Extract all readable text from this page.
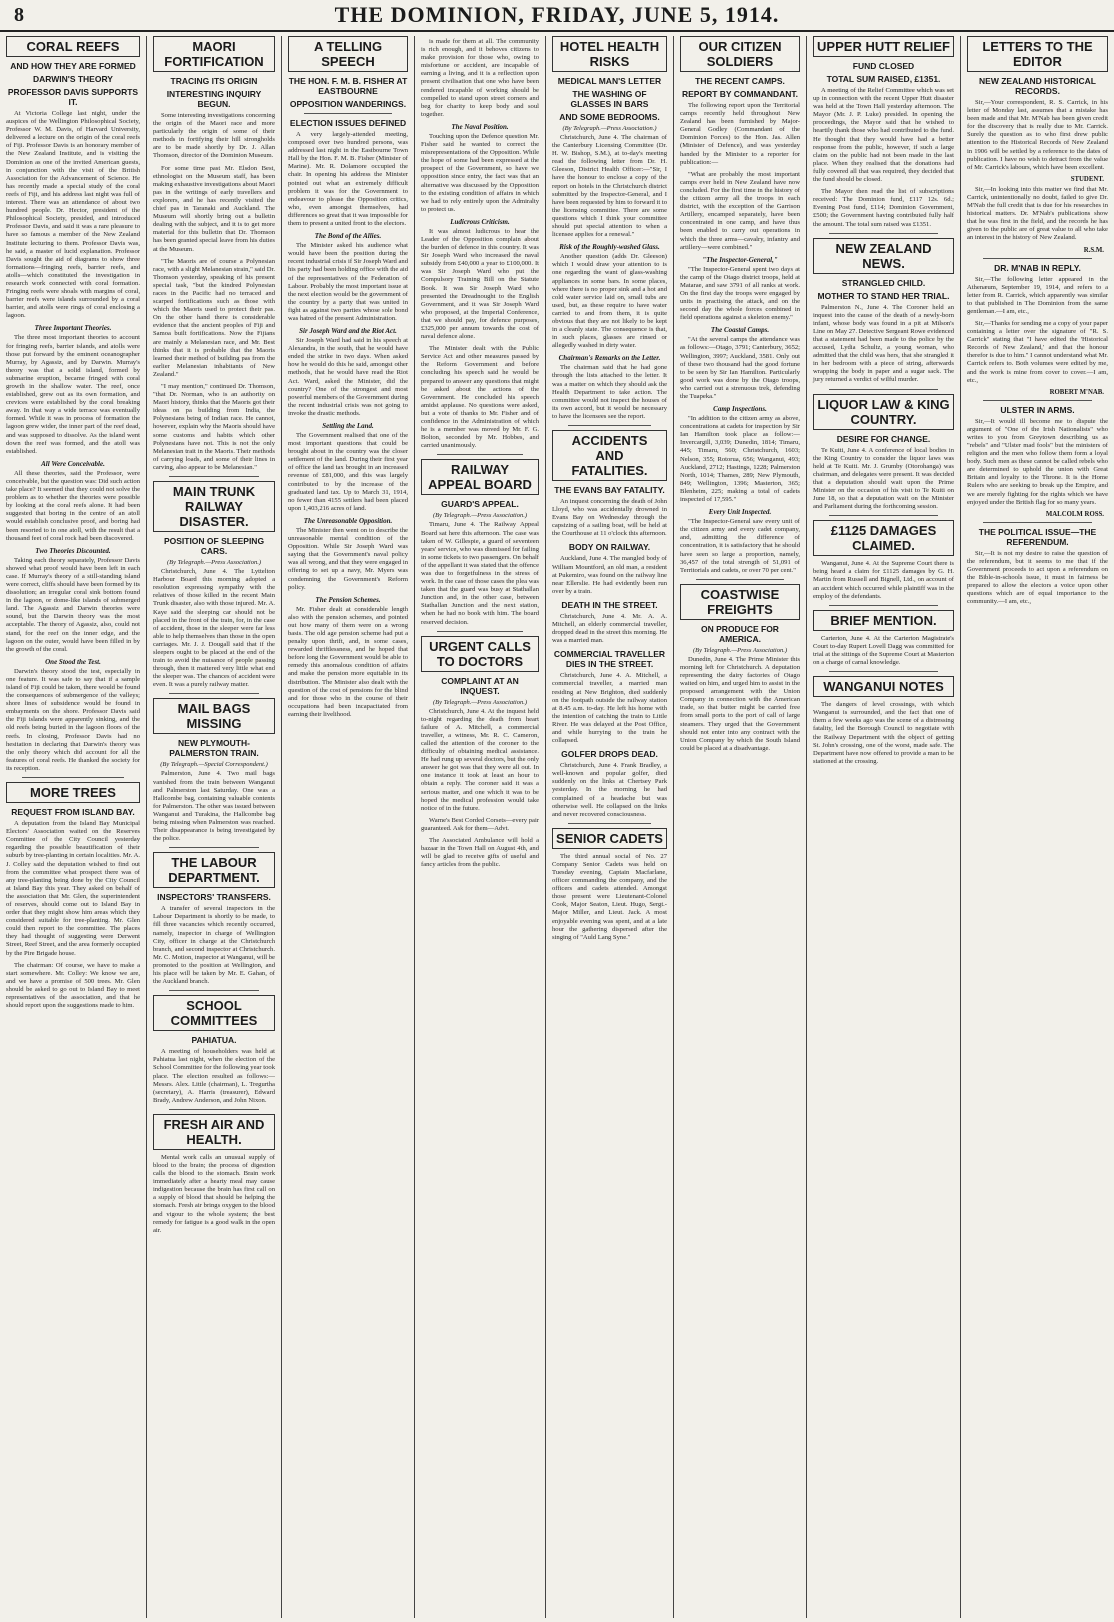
8	THE DOMINION, FRIDAY, JUNE 5, 1914.
CORAL REEFS
AND HOW THEY ARE FORMED
DARWIN'S THEORY
PROFESSOR DAVIS SUPPORTS IT.
At Victoria College last night, under the auspices of the Wellington Philosophical Society, Professor W. M. Davis, of Harvard University, delivered a lecture on the origin of the coral reefs of Fiji. Professor Davis is an honorary member of the New Zealand Institute, and is visiting the Dominion as one of the invited American guests, in conjunction with the visit of the British Association for the Advancement of Science. He has recently made a special study of the coral reefs of Fiji, and his address last night was full of interest. There was an attendance of about two hundred people. Dr. Hector, president of the Philosophical Society, presided, and introduced Professor Davis, and said it was a rare pleasure to have so famous a member of the New Zealand Institute lecturing to them. Professor Davis was, he said, a master of lucid explanation. Professor Davis sought the aid of diagrams to show three formations—fringing reefs, barrier reefs, and atolls—which constituted the investigation in research work connected with coral formation. Fringing reefs were shoals with margins of coral, barrier reefs were islands surrounded by a coral barrier, and atolls were rings of coral enclosing a lagoon.
Three Important Theories.
The three most important theories to account for fringing reefs, barrier islands, and atolls were those put forward by the eminent oceanographer Murray, by Agassiz, and by Darwin. Murray's theory was that a solid island, formed by submarine eruption, became fringed with coral growth in the shallow water. The reef, once established, grew out as its own formation, and crevices were established by the coral breaking away. In that way a wide terrace was eventually formed. While it was in process of formation the lagoon grew wider, the inner part of the reef dead, and was supposed to dissolve. As the island went down the reef was formed, and the atoll was established.
All Were Conceivable.
All these theories, said the Professor, were conceivable, but the question was: Did such action take place? It seemed that they could not solve the problem as to whether the theories were possible by looking at the coral reefs alone. It had been suggested that boring in the centre of an atoll would establish conclusive proof, and boring had been resorted to in one atoll, with the result that a thousand feet of coral rock had been discovered.
Two Theories Discounted.
Taking each theory separately, Professor Davis showed what proof would have been left in each case. If Murray's theory of a still-standing island were correct, cliffs should have been formed by its dissolution; an irregular coral sink bottom found in the lagoon, or dome-like islands of submerged land. The Agassiz and Darwin theories were sound, but the Darwin theory was the most acceptable. The theory of Agassiz, also, could not stand, for the reef on the inner edge, and the lagoon on the outer, would have been filled in by the growth of the coral.
One Stood the Test.
Darwin's theory stood the test, especially in one feature. It was safe to say that if a sample island of Fiji could be taken, there would be found the consequences of submergence of the valleys; shore lines of subsidence would be found in embayments on the shore. Professor Davis said the Fiji islands were apparently sinking, and the old reefs being buried in the lagoon floors of the reefs. In closing, Professor Davis had no hesitation in declaring that Darwin's theory was the only theory which did account for all the features of coral reefs. He thanked the society for its reception.
MORE TREES
REQUEST FROM ISLAND BAY.
A deputation from the Island Bay Municipal Electors' Association waited on the Reserves Committee of the City Council yesterday regarding the possible beautification of their suburb by tree-planting in certain localities. Mr. A. J. Colley said the deputation wished to find out from the committee what prospect there was of any tree-planting being done by the City Council at Island Bay this year. They asked on behalf of the association that Mr. Glen, the superintendent of reserves, should come out to Island Bay in order that they might show him areas which they considered suitable for tree-planting. Mr. Glen could then report to the committee. The places they had thought of suggesting were Derwent Street, Reef Street, and the area formerly occupied by the Pire Brigade house.
The chairman: Of course, we have to make a start somewhere. Mr. Colley: We know we are, and we have a promise of 500 trees. Mr. Glen should be asked to go out to Island Bay to meet representatives of the association, and that he should report upon the suggestions made to him.
MAORI FORTIFICATION
TRACING ITS ORIGIN
INTERESTING INQUIRY BEGUN.
Some interesting investigations concerning the origin of the Maori race and more particularly the origin of some of their methods in fortifying their hill strongholds are to be made shortly by Dr. J. Allan Thomson, director of the Dominion Museum.
For some time past Mr. Elsdon Best, ethnologist on the Museum staff, has been making exhaustive investigations about Maori pas in the writings of early travellers and explorers, and he has recently visited the chief pas in Taranaki and Auckland. The Museum will shortly bring out a bulletin dealing with the subject, and it is to get more material for this bulletin that Dr. Thomson has been granted special leave from his duties at the Museum.
"The Maoris are of course a Polynesian race, with a slight Melanesian strain," said Dr. Thomson yesterday, speaking of his present special task, "but the kindred Polynesian races in the Pacific had no terraced and scarped fortifications such as those with which the Maoris used to protect their pas. On the other hand there is considerable evidence that the ancient peoples of Fiji and Samoa built fortifications. Now the Fijians are mainly a Melanesian race, and Mr. Best thinks that it is probable that the Maoris learned their method of building pas from the earlier Melanesian inhabitants of New Zealand."
"I may mention," continued Dr. Thomson, "that Dr. Norman, who is an authority on Maori history, thinks that the Maoris got their ideas on pa building from India, the Polynesians being of Indian race. He cannot, however, explain why the Maoris should have some customs and habits which other Polynesians have not. This is not the only Melanesian trait in the Maoris. Their methods of carrying loads, and some of their lines in carving, also appear to be Melanesian."
MAIN TRUNK RAILWAY DISASTER.
POSITION OF SLEEPING CARS.
(By Telegraph.—Press Association.)
Christchurch, June 4. The Lyttelton Harbour Board this morning adopted a resolution expressing sympathy with the relatives of those killed in the recent Main Trunk disaster, also with those injured. Mr. A. Kaye said the sleeping car should not be placed in the front of the train, for, in the case of accident, those in the sleeper were far less able to help themselves than those in the open carriages. Mr. J. J. Dougall said that if the sleepers ought to be placed at the end of the train to avoid the nuisance of people passing through, then it mattered very little what end the sleeper was. The chances of accident were even. It was a purely railway matter.
MAIL BAGS MISSING
NEW PLYMOUTH-PALMERSTON TRAIN.
(By Telegraph.—Special Correspondent.)
Palmerston, June 4. Two mail bags vanished from the train between Wanganui and Palmerston last Saturday. One was a Hallcombe bag, containing valuable contents for Palmerston. The other was issued between Wanganui and Turakina, the Hallcombe bag being missing when Palmerston was reached. Their disappearance is being investigated by the police.
THE LABOUR DEPARTMENT.
INSPECTORS' TRANSFERS.
A transfer of several inspectors in the Labour Department is shortly to be made, to fill three vacancies which recently occurred, namely, inspector in charge of Wellington City, officer in charge at the Christchurch branch, and second inspector at Christchurch. Mr. C. Motion, inspector at Wanganui, will be promoted to the position at Wellington, and his place will be taken by Mr. E. Gahan, of the Auckland branch.
SCHOOL COMMITTEES
PAHIATUA.
A meeting of householders was held at Pahiatua last night, when the election of the School Committee for the following year took place. The election resulted as follows:—Messrs. Alex. Little (chairman), L. Tregurtha (secretary), A. Harris (treasurer), Edward Brady, Andrew Anderson, and John Nixon.
FRESH AIR AND HEALTH.
Mental work calls an unusual supply of blood to the brain; the process of digestion calls the blood to the stomach. Brain work immediately after a hearty meal may cause indigestion because the brain has first call on a supply of blood that should be helping the stomach. Fresh air brings oxygen to the blood and vigour to the whole system; the best remedy for fatigue is a good walk in the open air.
A TELLING SPEECH
THE HON. F. M. B. FISHER AT EASTBOURNE
OPPOSITION WANDERINGS.
ELECTION ISSUES DEFINED
A very largely-attended meeting, composed over two hundred persons, was addressed last night in the Eastbourne Town Hall by the Hon. F. M. B. Fisher (Minister of Marine). Mr. R. Dolamore occupied the chair. In opening his address the Minister pointed out what an extremely difficult problem it was for the Government to endeavour to please the Opposition critics, who, even amongst themselves, had differences so great that it was impossible for them to present a united front to the electors.
The Bond of the Allies.
The Minister asked his audience what would have been the position during the recent industrial crisis if Sir Joseph Ward and his party had been holding office with the aid of the representatives of the Federation of Labour. Probably the most important issue at the next election would be the government of the country by a party that was united in fight as against two parties whose sole bond was hatred of the present Administration.
Sir Joseph Ward and the Riot Act.
Sir Joseph Ward had said in his speech at Alexandra, in the south, that he would have ended the strike in two days. When asked how he would do this he said, amongst other methods, that he would have read the Riot Act. Ward, asked the Minister, did the country? One of the strongest and most powerful members of the Government during the recent industrial crisis was not going to invoke the drastic methods.
Settling the Land.
The Government realised that one of the most important questions that could be brought about in the country was the closer settlement of the land. During their first year of office the land tax brought in an increased revenue of £81,000, and this was largely contributed to by the increase of the graduated land tax. Up to March 31, 1914, no fewer than 4155 settlers had been placed upon 1,403,216 acres of land.
The Unreasonable Opposition.
The Minister then went on to describe the unreasonable mental condition of the Opposition. While Sir Joseph Ward was saying that the Government's naval policy was all wrong, and that they were engaged in offering to set up a navy, Mr. Myers was condemning the Government's Reform policy.
The Pension Schemes.
Mr. Fisher dealt at considerable length also with the pension schemes, and pointed out how many of them were on a wrong basis. The old age pension scheme had put a penalty upon thrift, and, in some cases, rewarded thriftlessness, and he hoped that before long the Government would be able to remedy this anomalous condition of affairs and make the pension more equitable in its distribution. The Minister also dealt with the question of the cost of pensions for the blind and for those who in the course of their occupations had been incapacitated from earning their livelihood.
is made for them at all. The community is rich enough, and it behoves citizens to make provision for those who, owing to misfortune or accident, are incapable of earning a living, and it is a reflection upon present civilisation that one who have been rendered incapable of working should be compelled to stand upon street corners and beg for charity to keep body and soul together.
The Naval Position.
Touching upon the Defence question Mr. Fisher said he wanted to correct the misrepresentations of the Opposition. While the hope of some had been expressed at the prospect of the Government, so have we opposition since entry, the fact was that an alternative was discussed by the Opposition to the existing condition of affairs in which we had to rely entirely upon the Admiralty to protect us.
Ludicrous Criticism.
It was almost ludicrous to hear the Leader of the Opposition complain about the burden of defence in this country. It was Sir Joseph Ward who increased the naval subsidy from £40,000 a year to £100,000. It was Sir Joseph Ward who put the Compulsory Training Bill on the Statute Book. It was Sir Joseph Ward who presented the Dreadnought to the English Government, and it was Sir Joseph Ward who proposed, at the Imperial Conference, that we should pay, for defence purposes, £325,000 per annum towards the cost of naval defence alone.
The Minister dealt with the Public Service Act and other measures passed by the Reform Government and before concluding his speech said he would be prepared to answer any questions that might be asked about the actions of the Government. He concluded his speech amidst applause. No questions were asked, but a vote of thanks to Mr. Fisher and of confidence in the Administration of which he is a member was moved by Mr. F. G. Bolton, seconded by Mr. Hobbes, and carried unanimously.
RAILWAY APPEAL BOARD
GUARD'S APPEAL.
(By Telegraph.—Press Association.)
Timaru, June 4. The Railway Appeal Board sat here this afternoon. The case was taken of W. Gillespie, a guard of seventeen years' service, who was dismissed for failing in some tickets to two passengers. On behalf of the appellant it was stated that the offence was due to forgetfulness in the stress of work. In the case of those cases the plea was taken that the guard was busy at Stathallan Junction and, in the other case, between Stathallan Junction and the next station, when he had no book with him. The board reserved decision.
URGENT CALLS TO DOCTORS
COMPLAINT AT AN INQUEST.
(By Telegraph.—Press Association.)
Christchurch, June 4. At the inquest held to-night regarding the death from heart failure of A. Mitchell, a commercial traveller, a witness, Mr. R. C. Cameron, called the attention of the coroner to the difficulty of obtaining medical assistance. He had rung up several doctors, but the only answer he got was that they were all out. In one instance it took at least an hour to obtain a reply. The coroner said it was a serious matter, and one which it was to be hoped the medical profession would take notice of in the future.
Warne's Best Corded Corsets—every pair guaranteed. Ask for them—Advt.
The Associated Ambulance will hold a bazaar in the Town Hall on August 4th, and will be glad to receive gifts of useful and fancy articles from the public.
HOTEL HEALTH RISKS
MEDICAL MAN'S LETTER
THE WASHING OF GLASSES IN BARS
AND SOME BEDROOMS.
(By Telegraph.—Press Association.)
Christchurch, June 4. The chairman of the Canterbury Licensing Committee (Dr. H. W. Bishop, S.M.), at to-day's meeting read the following letter from Dr. H. Gleeson, District Health Officer:—"Sir, I have the honour to enclose a copy of the report on hotels in the Christchurch district submitted by the Inspector-General, and I have been requested by him to forward it to the licensing committee. There are some questions which I think your committee should put special attention to when a licensee applies for a renewal."
Risk of the Roughly-washed Glass.
Another question (adds Dr. Gleeson) which I would draw your attention to is one regarding the want of glass-washing appliances in some bars. In some places, where there is no proper sink and a hot and cold water service laid on, small tubs are used, but, as these require to have water carried to and from them, it is quite obvious that they are not likely to be kept in a cleanly state. The consequence is that, in such places, glasses are rinsed or allegedly washed in dirty water.
Chairman's Remarks on the Letter.
The chairman said that he had gone through the lists attached to the letter. It was a matter on which they should ask the Health Department to take action. The committee would not inspect the houses of its own accord, but it would be necessary to have the licensees see the report.
ACCIDENTS AND FATALITIES.
THE EVANS BAY FATALITY.
An inquest concerning the death of John Lloyd, who was accidentally drowned in Evans Bay on Wednesday through the capsizing of a sailing boat, will be held at the Courthouse at 11 o'clock this afternoon.
BODY ON RAILWAY.
Auckland, June 4. The mangled body of William Mountford, an old man, a resident at Pukemiro, was found on the railway line near Ellerslie. He had evidently been run over by a train.
DEATH IN THE STREET.
Christchurch, June 4. Mr. A. A. Mitchell, an elderly commercial traveller, dropped dead in the street this morning. He was a married man.
COMMERCIAL TRAVELLER DIES IN THE STREET.
Christchurch, June 4. A. Mitchell, a commercial traveller, a married man residing at New Brighton, died suddenly on the footpath outside the railway station at 8.45 a.m. to-day. He left his home with the intention of catching the train to Little River. He was delayed at the Post Office, and while hurrying to the train he collapsed.
GOLFER DROPS DEAD.
Christchurch, June 4. Frank Bradley, a well-known and popular golfer, died suddenly on the links at Chertsey Park yesterday. In the morning he had complained of a headache but was otherwise well. He collapsed on the links and never recovered consciousness.
SENIOR CADETS
The third annual social of No. 27 Company Senior Cadets was held on Tuesday evening, Captain Macfarlane, officer commanding the company, and the officers and cadets attended. Amongst those present were Lieutenant-Colonel Cook, Major Seaton, Lieut. Hugo, Sergt.-Major Miller, and Lieut. Jack. A most enjoyable evening was spent, and at a late hour the gathering dispersed after the singing of "Auld Lang Syne."
OUR CITIZEN SOLDIERS
THE RECENT CAMPS.
REPORT BY COMMANDANT.
The following report upon the Territorial camps recently held throughout New Zealand has been furnished by Major-General Godley (Commandant of the Dominion Forces) to the Hon. Jas. Allen (Minister of Defence), and was yesterday handed by the Minister to a reporter for publication:—
"What are probably the most important camps ever held in New Zealand have now concluded. For the first time in the history of the citizen army all the troops in each district, with the exception of the Garrison Artillery, encamped separately, have been concentrated in one camp, and have thus been enabled to carry out operations in which the three arms—cavalry, infantry and artillery—were combined."
"The Inspector-General,"
"The Inspector-General spent two days at the camp of the Otago district troops, held at Matarae, and saw 3791 of all ranks at work. On the first day the troops were engaged by units in practising the attack, and on the second day the whole forces combined in field operations against a skeleton enemy."
The Coastal Camps.
"At the several camps the attendance was as follows:—Otago, 3791; Canterbury, 3652; Wellington, 3997; Auckland, 3581. Only out of these two thousand had the good fortune to be seen by Sir Ian Hamilton. Particularly good work was done by the Otago troops, who carried out a strenuous trek, defending the Tuapeka."
Camp Inspections.
"In addition to the citizen army as above, concentrations at cadets for inspection by Sir Ian Hamilton took place as follow:—Invercargill, 3,039; Dunedin, 1814; Timaru, 445; Timaru, 560; Christchurch, 1603; Nelson, 355; Rotorua, 656; Wanganui, 493; Auckland, 2712; Hastings, 1228; Palmerston North, 1014; Thames, 289; New Plymouth, 849; Wellington, 1396; Masterton, 365; Blenheim, 225; making a total of cadets inspected of 17,595."
Every Unit Inspected.
"The Inspector-General saw every unit of the citizen army and every cadet company, and, admitting the difference of concentration, it is satisfactory that he should have seen so large a proportion, namely, 36,457 of the total strength of 51,091 of Territorials and cadets, or over 70 per cent."
COASTWISE FREIGHTS
ON PRODUCE FOR AMERICA.
(By Telegraph.—Press Association.)
Dunedin, June 4. The Prime Minister this morning left for Christchurch. A deputation representing the dairy factories of Otago waited on him, and urged him to assist in the proposed arrangement with the Union Company in connection with the American trade, so that butter might be carried free from small ports to the port of call of large steamers. They urged that the Government should not enter into any contract with the Union Company by which the South Island could be placed at a disadvantage.
UPPER HUTT RELIEF
FUND CLOSED
TOTAL SUM RAISED, £1351.
A meeting of the Relief Committee which was set up in connection with the recent Upper Hutt disaster was held at the Town Hall yesterday afternoon. The Mayor (Mr. J. P. Luke) presided. In opening the proceedings, the Mayor said that he wished to heartily thank those who had contributed to the fund. He thought that they would have had a better response from the public, however, if such a large claim on the public had not been made in the last place. When they realised that the donations had fully covered all that was required, they decided that the fund should be closed.
The Mayor then read the list of subscriptions received: The Dominion fund, £117 12s. 6d.; Evening Post fund, £114; Dominion Government, £500; the Government having contributed fully half the amount. The total sum raised was £1351.
NEW ZEALAND NEWS.
STRANGLED CHILD.
MOTHER TO STAND HER TRIAL.
Palmerston N., June 4. The Coroner held an inquest into the cause of the death of a newly-born infant, whose body was found in a pit at Milson's Line on May 27. Detective Sergeant Rowe evidenced that a statement had been made to the police by the accused, Lydia Schultz, a young woman, who admitted that the child was hers, that she strangled it in her bedroom with a piece of string, afterwards wrapping the body in paper and a sugar sack. The jury returned a verdict of wilful murder.
LIQUOR LAW & KING COUNTRY.
DESIRE FOR CHANGE.
Te Kuiti, June 4. A conference of local bodies in the King Country to consider the liquor laws was held at Te Kuiti. Mr. J. Grumby (Otorohanga) was chairman, and delegates were present. It was decided that a deputation should wait upon the Prime Minister on the occasion of his visit to Te Kuiti on June 18, so that a deputation wait on the Minister and Parliament during the forthcoming session.
£1125 DAMAGES CLAIMED.
Wanganui, June 4. At the Supreme Court there is being heard a claim for £1125 damages by G. H. Martin from Russell and Bignell, Ltd., on account of an accident which occurred while plaintiff was in the employ of the defendants.
BRIEF MENTION.
Carterton, June 4. At the Carterton Magistrate's Court to-day Rupert Lovell Dagg was committed for trial at the sittings of the Supreme Court at Masterton on a charge of carnal knowledge.
WANGANUI NOTES
The dangers of level crossings, with which Wanganui is surrounded, and the fact that one of them a few weeks ago was the scene of a distressing fatality, led the Borough Council to negotiate with the Railway Department with the object of getting St. John's crossing, one of the worst, made safe. The Department have now offered to provide a man to be stationed at the crossing.
LETTERS TO THE EDITOR
NEW ZEALAND HISTORICAL RECORDS.
Sir,—Your correspondent, R. S. Carrick, in his letter of Monday last, assumes that a mistake has been made and that Mr. M'Nab has been given credit for the discovery that is really due to Mr. Carrick. Surely the question as to who first drew public attention to the Historical Records of New Zealand in 1906 will be settled by a reference to the dates of publication. I have no wish to detract from the value of Mr. Carrick's labours, which have been excellent.
STUDENT.
Sir,—In looking into this matter we find that Mr. Carrick, unintentionally no doubt, failed to give Dr. M'Nab the full credit that is due for his researches in historical matters. Dr. M'Nab's publications show that he was first in the field, and the records he has given to the public are of great value to all who take an interest in the history of New Zealand.
R.S.M.
DR. M'NAB IN REPLY.
Sir,—The following letter appeared in the Athenæum, September 19, 1914, and refers to a letter from R. Carrick, which apparently was similar to that published in The Dominion from the same gentleman.—I am, etc.,
Sir,—Thanks for sending me a copy of your paper containing a letter over the signature of "R. S. Carrick" stating that "I have edited the 'Historical Records of New Zealand,' and that the honour therefor is due to him." I cannot understand what Mr. Carrick refers to. Both volumes were edited by me, and the work is mine from cover to cover.—I am, etc.,
ROBERT M'NAB.
ULSTER IN ARMS.
Sir,—It would ill become me to dispute the argument of "One of the Irish Nationalists" who writes to you from Greytown describing us as "rebels" and "Ulster mad fools" but the ministers of religion and the men who follow them form a loyal body. Such men as these cannot be called rebels who are determined to uphold the union with Great Britain and loyalty to the Throne. It is the Home Rulers who are seeking to break up the Empire, and we are merely fighting for the rights which we have enjoyed under the British flag for so many years.
MALCOLM ROSS.
THE POLITICAL ISSUE—THE REFERENDUM.
Sir,—It is not my desire to raise the question of the referendum, but it seems to me that if the Government proceeds to act upon a referendum on the Bible-in-schools issue, it must in fairness be prepared to allow the electors a voice upon other questions which are of equal importance to the community.—I am, etc.,
